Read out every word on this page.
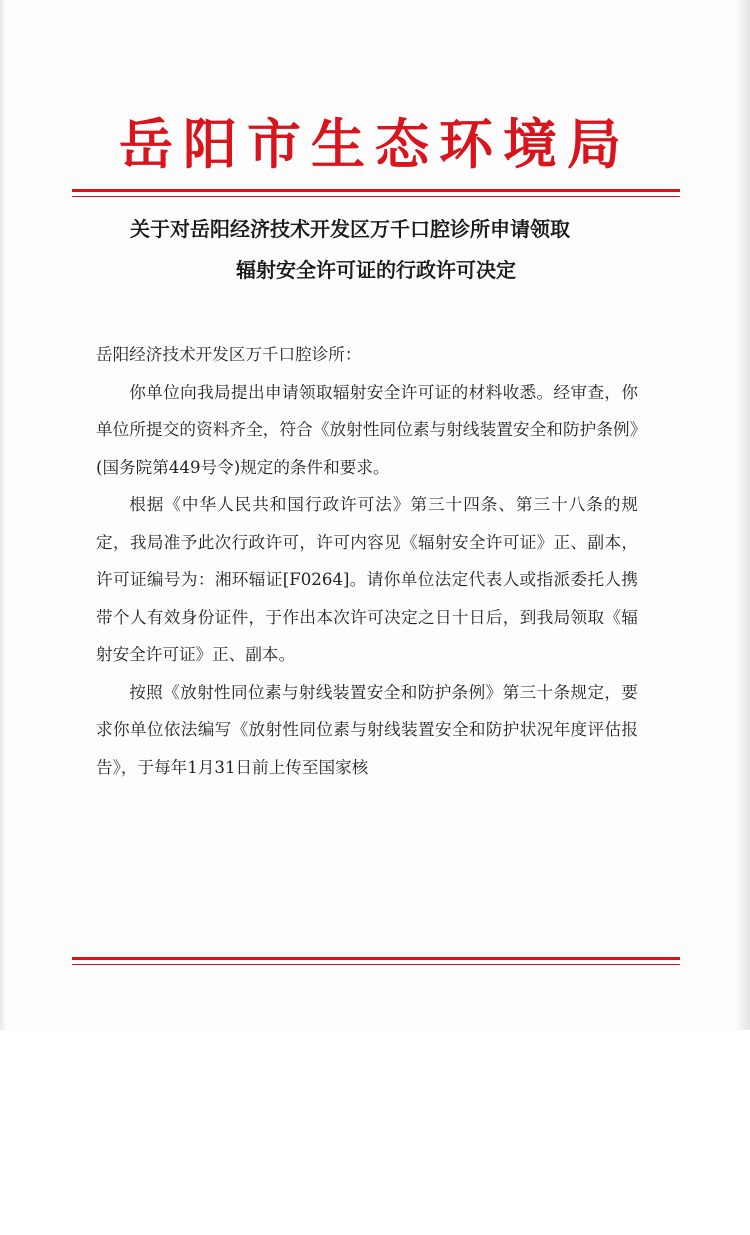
岳阳市生态环境局
关于对岳阳经济技术开发区万千口腔诊所申请领取
辐射安全许可证的行政许可决定

岳阳经济技术开发区万千口腔诊所：

你单位向我局提出申请领取辐射安全许可证的材料收悉。经审查，你单位所提交的资料齐全，符合《放射性同位素与射线装置安全和防护条例》(国务院第449号令)规定的条件和要求。

根据《中华人民共和国行政许可法》第三十四条、第三十八条的规定，我局准予此次行政许可，许可内容见《辐射安全许可证》正、副本，许可证编号为：湘环辐证[F0264]。请你单位法定代表人或指派委托人携带个人有效身份证件，于作出本次许可决定之日十日后，到我局领取《辐射安全许可证》正、副本。

按照《放射性同位素与射线装置安全和防护条例》第三十条规定，要求你单位依法编写《放射性同位素与射线装置安全和防护状况年度评估报告》，于每年1月31日前上传至国家核
